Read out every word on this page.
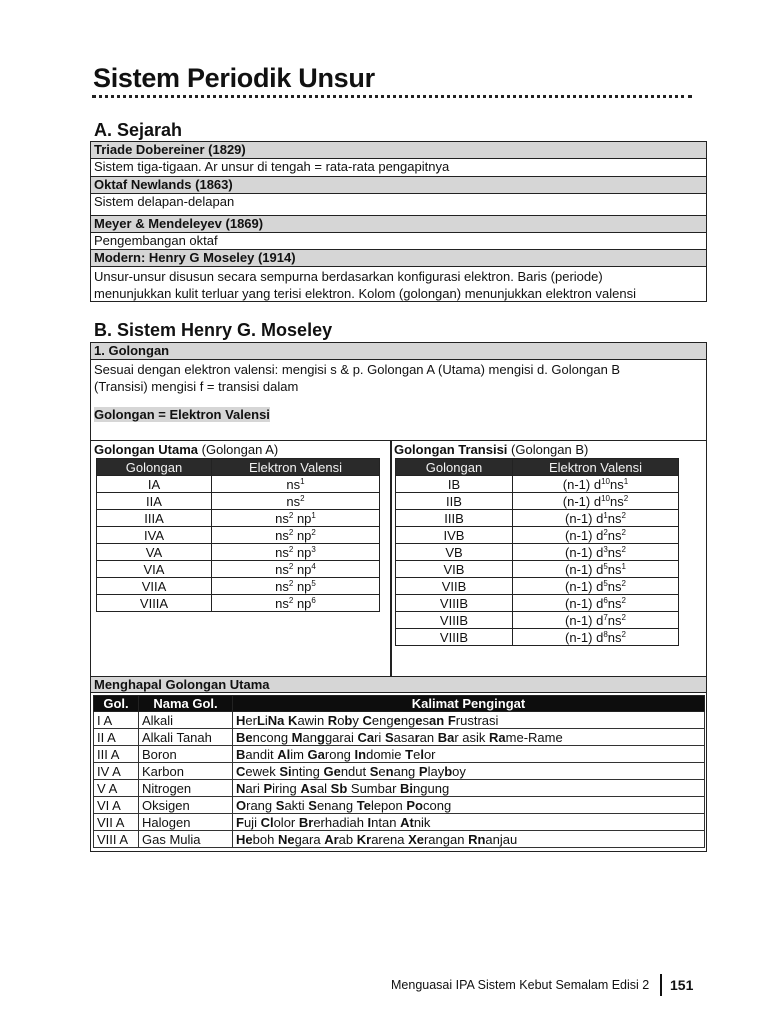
Sistem Periodik Unsur
A. Sejarah
Triade Dobereiner (1829)
Sistem tiga-tigaan. Ar unsur di tengah = rata-rata pengapitnya
Oktaf Newlands (1863)
Sistem delapan-delapan
Meyer & Mendeleyev (1869)
Pengembangan oktaf
Modern: Henry G Moseley (1914)
Unsur-unsur disusun secara sempurna berdasarkan konfigurasi elektron. Baris (periode)
menunjukkan kulit terluar yang terisi elektron. Kolom (golongan) menunjukkan elektron valensi
B. Sistem Henry G. Moseley
1. Golongan
Sesuai dengan elektron valensi: mengisi s & p. Golongan A (Utama) mengisi d. Golongan B
(Transisi) mengisi f = transisi dalam
Golongan = Elektron Valensi
Golongan Utama (Golongan A)
Golongan	Elektron Valensi
IA	$ns^1$
IIA	$ns^2$
IIIA	$ns^2$ $np^1$
IVA	$ns^2$ $np^2$
VA	$ns^2$ $np^3$
VIA	$ns^2$ $np^4$
VIIA	$ns^2$ $np^5$
VIIIA	$ns^2$ $np^6$
Golongan Transisi (Golongan B)
Golongan	Elektron Valensi
IB	(n-1) $d^{10}ns^1$
IIB	(n-1) $d^{10}ns^2$
IIIB	(n-1) $d^1ns^2$
IVB	(n-1) $d^2ns^2$
VB	(n-1) $d^3ns^2$
VIB	(n-1) $d^5ns^1$
VIIB	(n-1) $d^5ns^2$
VIIIB	(n-1) $d^6ns^2$
VIIIB	(n-1) $d^7ns^2$
VIIIB	(n-1) $d^8ns^2$
Menghapal Golongan Utama
Gol.	Nama Gol.	Kalimat Pengingat
I A	Alkali	HerLiNa Kawin Roby Cengengesan Frustrasi
II A	Alkali Tanah	Bencong Manggarai Cari Sasaran Bar asik Rame-Rame
III A	Boron	Bandit Alim Garong Indomie Telor
IV A	Karbon	Cewek Sinting Gendut Senang Playboy
V A	Nitrogen	Nari Piring Asal Sb Sumbar Bingung
VI A	Oksigen	Orang Sakti Senang Telepon Pocong
VII A	Halogen	Fuji Clolor Brerhadiah Intan Atnik
VIII A	Gas Mulia	Heboh Negara Arab Krarena Xerangan Rnanjau
Menguasai IPA Sistem Kebut Semalam Edisi 2 151
